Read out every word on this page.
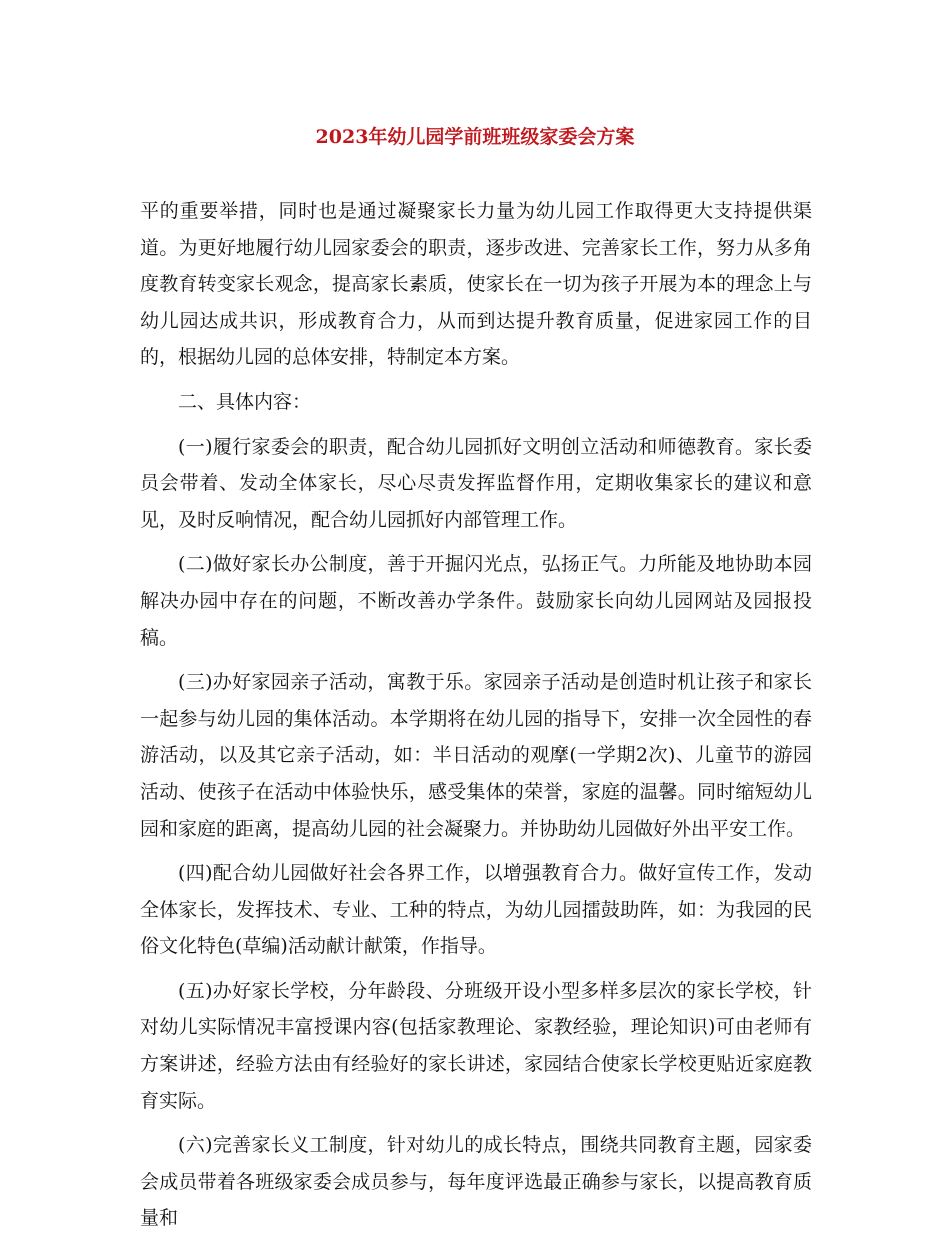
2023年幼儿园学前班班级家委会方案

平的重要举措，同时也是通过凝聚家长力量为幼儿园工作取得更大支持提供渠道。为更好地履行幼儿园家委会的职责，逐步改进、完善家长工作，努力从多角度教育转变家长观念，提高家长素质，使家长在一切为孩子开展为本的理念上与幼儿园达成共识，形成教育合力，从而到达提升教育质量，促进家园工作的目的，根据幼儿园的总体安排，特制定本方案。

二、具体内容：

(一)履行家委会的职责，配合幼儿园抓好文明创立活动和师德教育。家长委员会带着、发动全体家长，尽心尽责发挥监督作用，定期收集家长的建议和意见，及时反响情况，配合幼儿园抓好内部管理工作。

(二)做好家长办公制度，善于开掘闪光点，弘扬正气。力所能及地协助本园解决办园中存在的问题，不断改善办学条件。鼓励家长向幼儿园网站及园报投稿。

(三)办好家园亲子活动，寓教于乐。家园亲子活动是创造时机让孩子和家长一起参与幼儿园的集体活动。本学期将在幼儿园的指导下，安排一次全园性的春游活动，以及其它亲子活动，如：半日活动的观摩(一学期2次)、儿童节的游园活动、使孩子在活动中体验快乐，感受集体的荣誉，家庭的温馨。同时缩短幼儿园和家庭的距离，提高幼儿园的社会凝聚力。并协助幼儿园做好外出平安工作。

(四)配合幼儿园做好社会各界工作，以增强教育合力。做好宣传工作，发动全体家长，发挥技术、专业、工种的特点，为幼儿园擂鼓助阵，如：为我园的民俗文化特色(草编)活动献计献策，作指导。

(五)办好家长学校，分年龄段、分班级开设小型多样多层次的家长学校，针对幼儿实际情况丰富授课内容(包括家教理论、家教经验，理论知识)可由老师有方案讲述，经验方法由有经验好的家长讲述，家园结合使家长学校更贴近家庭教育实际。

(六)完善家长义工制度，针对幼儿的成长特点，围绕共同教育主题，园家委会成员带着各班级家委会成员参与，每年度评选最正确参与家长，以提高教育质量和
